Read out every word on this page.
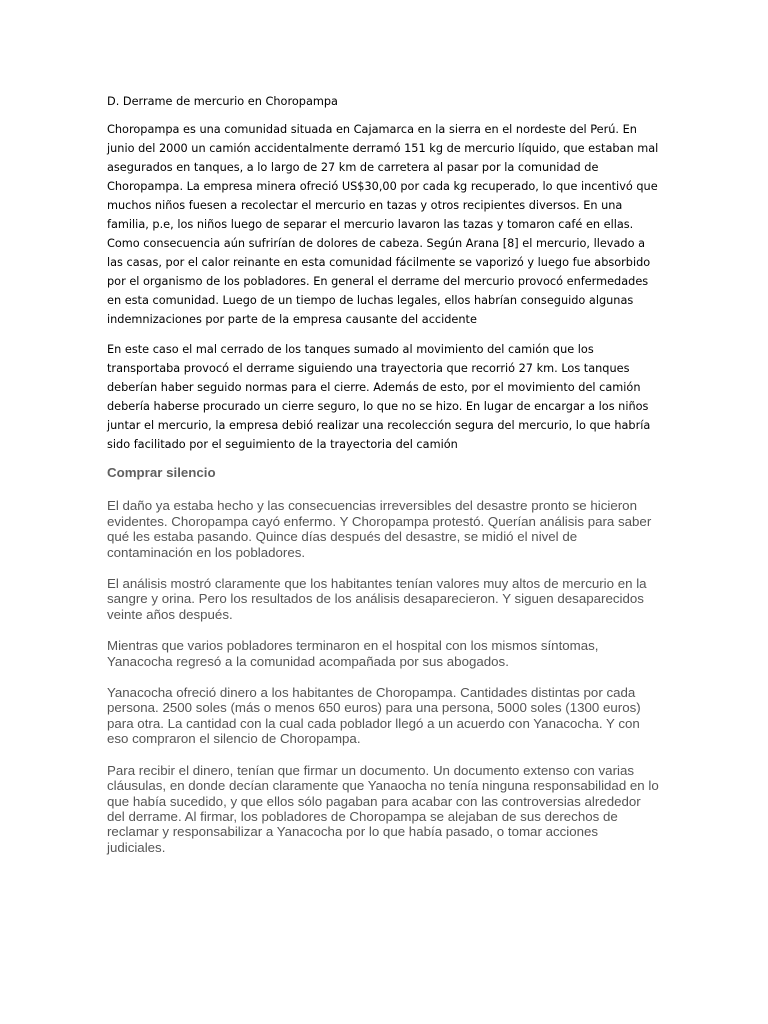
D. Derrame de mercurio en Choropampa

Choropampa es una comunidad situada en Cajamarca en la sierra en el nordeste del Perú. En junio del 2000 un camión accidentalmente derramó 151 kg de mercurio líquido, que estaban mal asegurados en tanques, a lo largo de 27 km de carretera al pasar por la comunidad de Choropampa. La empresa minera ofreció US$30,00 por cada kg recuperado, lo que incentivó que muchos niños fuesen a recolectar el mercurio en tazas y otros recipientes diversos. En una familia, p.e, los niños luego de separar el mercurio lavaron las tazas y tomaron café en ellas. Como consecuencia aún sufrirían de dolores de cabeza. Según Arana [8] el mercurio, llevado a las casas, por el calor reinante en esta comunidad fácilmente se vaporizó y luego fue absorbido por el organismo de los pobladores. En general el derrame del mercurio provocó enfermedades en esta comunidad. Luego de un tiempo de luchas legales, ellos habrían conseguido algunas indemnizaciones por parte de la empresa causante del accidente

En este caso el mal cerrado de los tanques sumado al movimiento del camión que los transportaba provocó el derrame siguiendo una trayectoria que recorrió 27 km. Los tanques deberían haber seguido normas para el cierre. Además de esto, por el movimiento del camión debería haberse procurado un cierre seguro, lo que no se hizo. En lugar de encargar a los niños juntar el mercurio, la empresa debió realizar una recolección segura del mercurio, lo que habría sido facilitado por el seguimiento de la trayectoria del camión

Comprar silencio

El daño ya estaba hecho y las consecuencias irreversibles del desastre pronto se hicieron evidentes. Choropampa cayó enfermo. Y Choropampa protestó. Querían análisis para saber qué les estaba pasando. Quince días después del desastre, se midió el nivel de contaminación en los pobladores.

El análisis mostró claramente que los habitantes tenían valores muy altos de mercurio en la sangre y orina. Pero los resultados de los análisis desaparecieron. Y siguen desaparecidos veinte años después.

Mientras que varios pobladores terminaron en el hospital con los mismos síntomas, Yanacocha regresó a la comunidad acompañada por sus abogados.

Yanacocha ofreció dinero a los habitantes de Choropampa. Cantidades distintas por cada persona. 2500 soles (más o menos 650 euros) para una persona, 5000 soles (1300 euros) para otra. La cantidad con la cual cada poblador llegó a un acuerdo con Yanacocha. Y con eso compraron el silencio de Choropampa.

Para recibir el dinero, tenían que firmar un documento. Un documento extenso con varias cláusulas, en donde decían claramente que Yanaocha no tenía ninguna responsabilidad en lo que había sucedido, y que ellos sólo pagaban para acabar con las controversias alrededor del derrame. Al firmar, los pobladores de Choropampa se alejaban de sus derechos de reclamar y responsabilizar a Yanacocha por lo que había pasado, o tomar acciones judiciales.
